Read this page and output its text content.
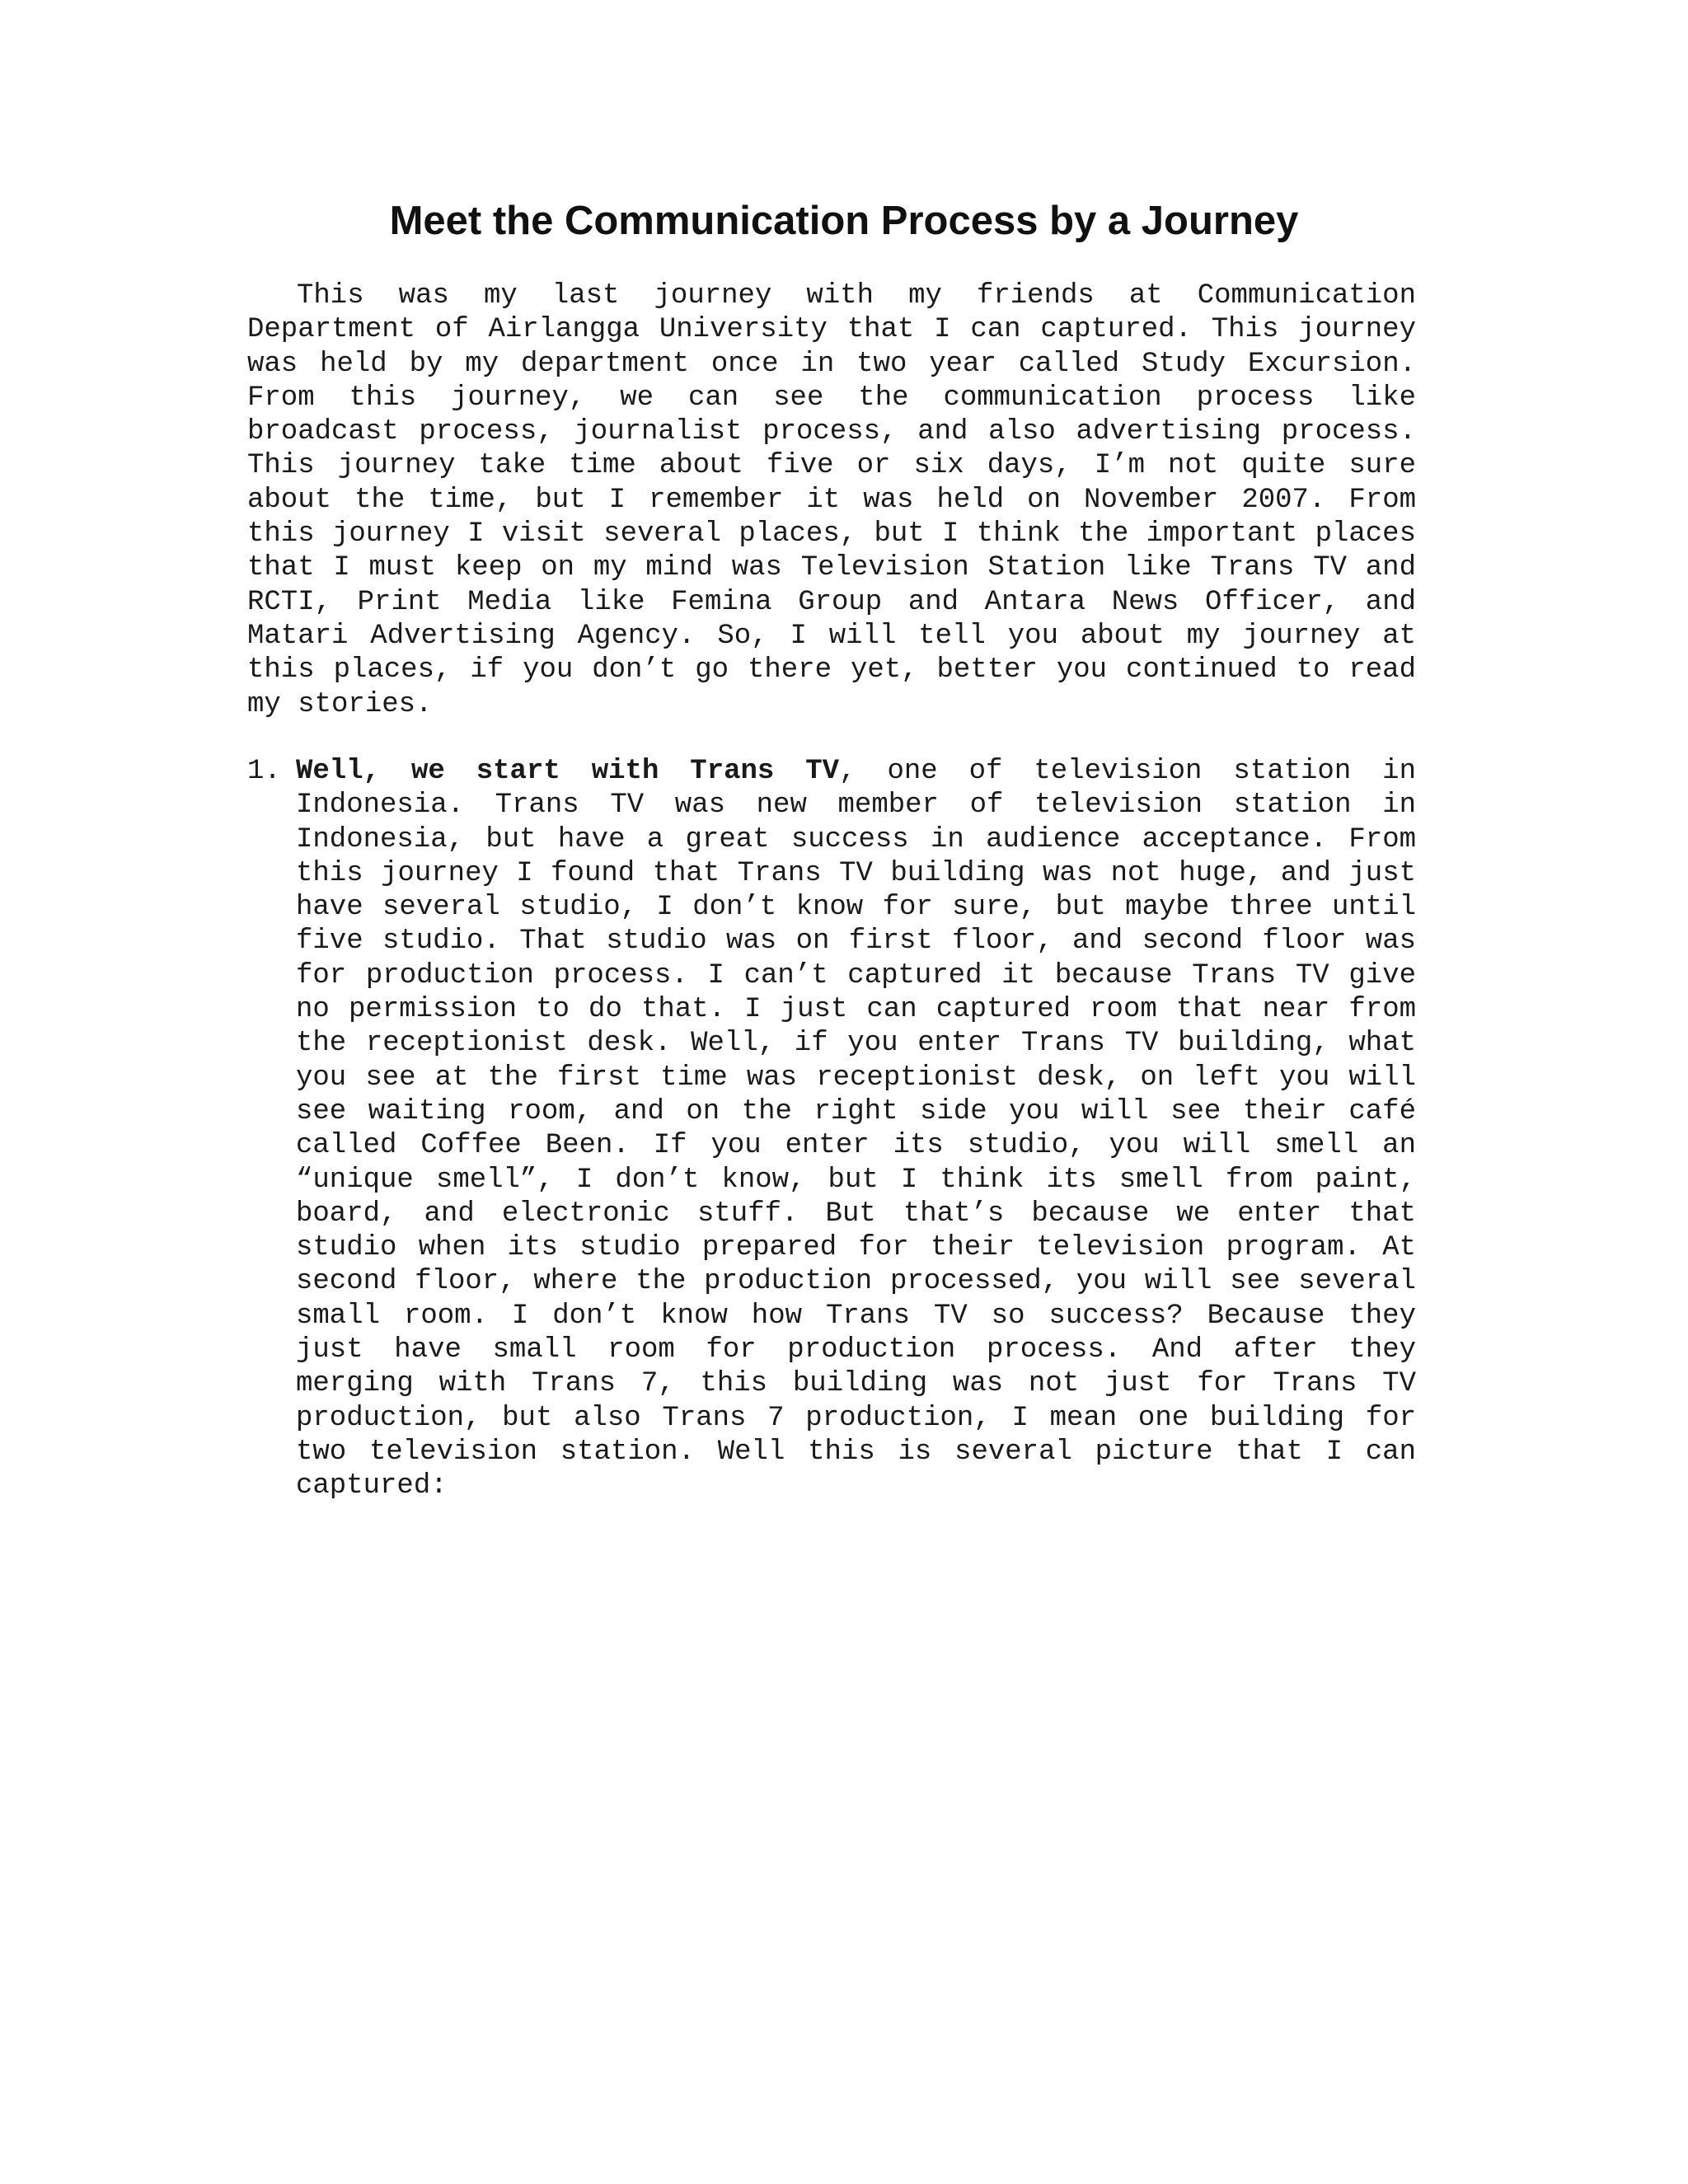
Meet the Communication Process by a Journey

This was my last journey with my friends at Communication Department of Airlangga University that I can captured. This journey was held by my department once in two year called Study Excursion. From this journey, we can see the communication process like broadcast process, journalist process, and also advertising process. This journey take time about five or six days, I’m not quite sure about the time, but I remember it was held on November 2007. From this journey I visit several places, but I think the important places that I must keep on my mind was Television Station like Trans TV and RCTI, Print Media like Femina Group and Antara News Officer, and Matari Advertising Agency. So, I will tell you about my journey at this places, if you don’t go there yet, better you continued to read my stories.

1. Well, we start with Trans TV, one of television station in Indonesia. Trans TV was new member of television station in Indonesia, but have a great success in audience acceptance. From this journey I found that Trans TV building was not huge, and just have several studio, I don’t know for sure, but maybe three until five studio. That studio was on first floor, and second floor was for production process. I can’t captured it because Trans TV give no permission to do that. I just can captured room that near from the receptionist desk. Well, if you enter Trans TV building, what you see at the first time was receptionist desk, on left you will see waiting room, and on the right side you will see their café called Coffee Been. If you enter its studio, you will smell an “unique smell”, I don’t know, but I think its smell from paint, board, and electronic stuff. But that’s because we enter that studio when its studio prepared for their television program. At second floor, where the production processed, you will see several small room. I don’t know how Trans TV so success? Because they just have small room for production process. And after they merging with Trans 7, this building was not just for Trans TV production, but also Trans 7 production, I mean one building for two television station. Well this is several picture that I can captured:
